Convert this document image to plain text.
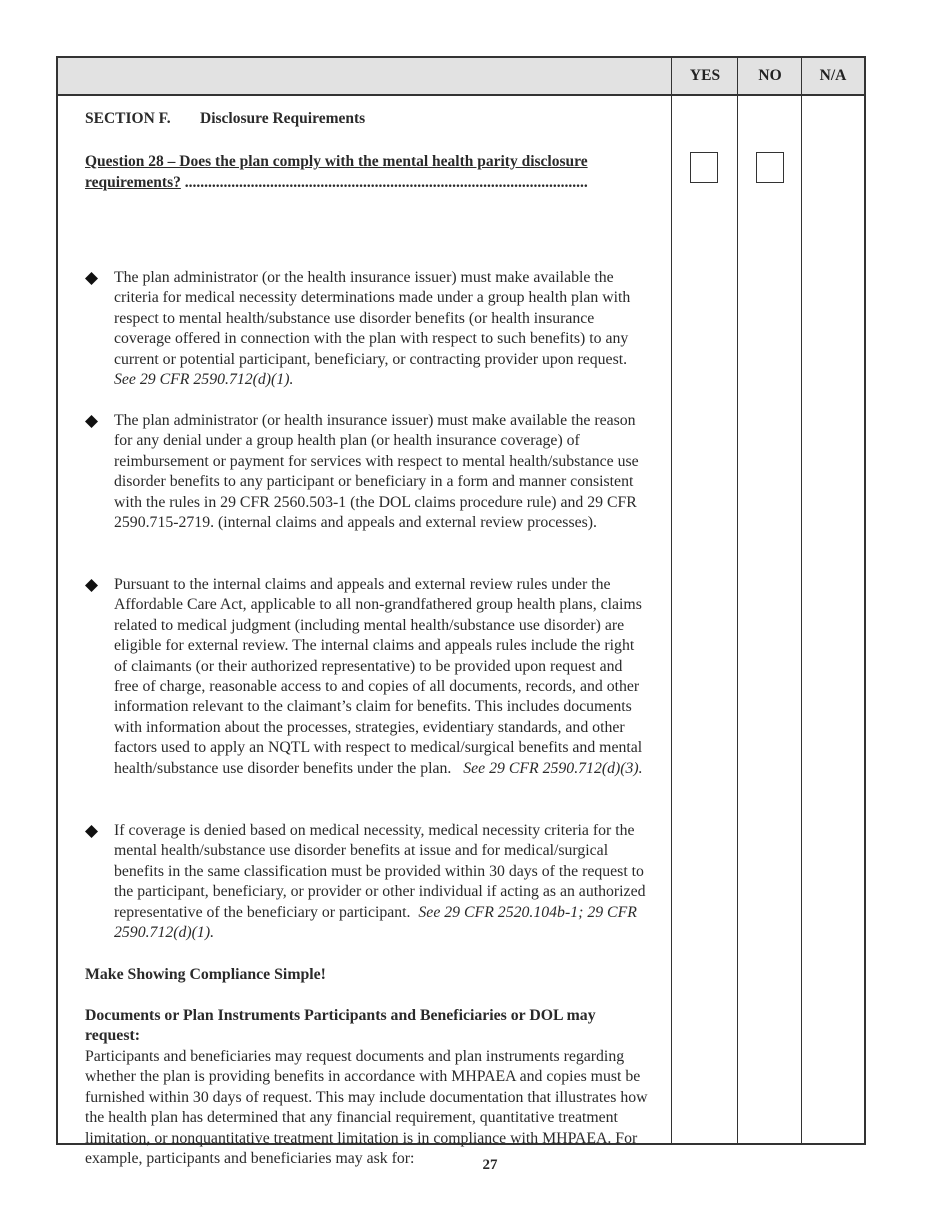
YES	NO	N/A
SECTION F. Disclosure Requirements
Question 28 – Does the plan comply with the mental health parity disclosure requirements? ........................................................................................................
The plan administrator (or the health insurance issuer) must make available the criteria for medical necessity determinations made under a group health plan with respect to mental health/substance use disorder benefits (or health insurance coverage offered in connection with the plan with respect to such benefits) to any current or potential participant, beneficiary, or contracting provider upon request. See 29 CFR 2590.712(d)(1).
The plan administrator (or health insurance issuer) must make available the reason for any denial under a group health plan (or health insurance coverage) of reimbursement or payment for services with respect to mental health/substance use disorder benefits to any participant or beneficiary in a form and manner consistent with the rules in 29 CFR 2560.503-1 (the DOL claims procedure rule) and 29 CFR 2590.715-2719. (internal claims and appeals and external review processes).
Pursuant to the internal claims and appeals and external review rules under the Affordable Care Act, applicable to all non-grandfathered group health plans, claims related to medical judgment (including mental health/substance use disorder) are eligible for external review. The internal claims and appeals rules include the right of claimants (or their authorized representative) to be provided upon request and free of charge, reasonable access to and copies of all documents, records, and other information relevant to the claimant’s claim for benefits. This includes documents with information about the processes, strategies, evidentiary standards, and other factors used to apply an NQTL with respect to medical/surgical benefits and mental health/substance use disorder benefits under the plan. See 29 CFR 2590.712(d)(3).
If coverage is denied based on medical necessity, medical necessity criteria for the mental health/substance use disorder benefits at issue and for medical/surgical benefits in the same classification must be provided within 30 days of the request to the participant, beneficiary, or provider or other individual if acting as an authorized representative of the beneficiary or participant. See 29 CFR 2520.104b-1; 29 CFR 2590.712(d)(1).
Make Showing Compliance Simple!
Documents or Plan Instruments Participants and Beneficiaries or DOL may request:
Participants and beneficiaries may request documents and plan instruments regarding whether the plan is providing benefits in accordance with MHPAEA and copies must be furnished within 30 days of request. This may include documentation that illustrates how the health plan has determined that any financial requirement, quantitative treatment limitation, or nonquantitative treatment limitation is in compliance with MHPAEA. For example, participants and beneficiaries may ask for:	27
